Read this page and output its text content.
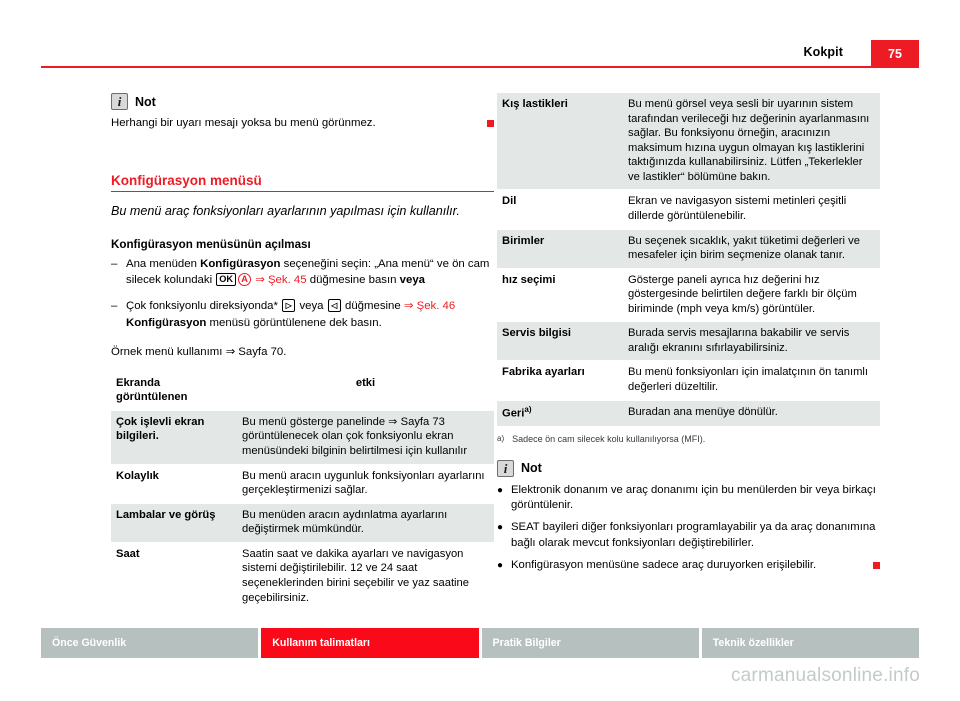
Kokpit	75
i	Not
Herhangi bir uyarı mesajı yoksa bu menü görünmez.
Konfigürasyon menüsü
Bu menü araç fonksiyonları ayarlarının yapılması için kullanılır.
Konfigürasyon menüsünün açılması
– Ana menüden Konfigürasyon seçeneğini seçin: „Ana menü“ ve ön cam silecek kolundaki OK A ⇒ Şek. 45 düğmesine basın veya
– Çok fonksiyonlu direksiyonda* ▷ veya ◁ düğmesine ⇒ Şek. 46 Konfigürasyon menüsü görüntülenene dek basın.
Örnek menü kullanımı ⇒ Sayfa 70.
Ekranda görüntülenen	etki
Çok işlevli ekran bilgileri.	Bu menü gösterge panelinde ⇒ Sayfa 73 görüntülenecek olan çok fonksiyonlu ekran menüsündeki bilginin belirtilmesi için kullanılır
Kolaylık	Bu menü aracın uygunluk fonksiyonları ayarlarını gerçekleştirmenizi sağlar.
Lambalar ve görüş	Bu menüden aracın aydınlatma ayarlarını değiştirmek mümkündür.
Saat	Saatin saat ve dakika ayarları ve navigasyon sistemi değiştirilebilir. 12 ve 24 saat seçeneklerinden birini seçebilir ve yaz saatine geçebilirsiniz.
Kış lastikleri	Bu menü görsel veya sesli bir uyarının sistem tarafından verileceği hız değerinin ayarlanmasını sağlar. Bu fonksiyonu örneğin, aracınızın maksimum hızına uygun olmayan kış lastiklerini taktığınızda kullanabilirsiniz. Lütfen „Tekerlekler ve lastikler“ bölümüne bakın.
Dil	Ekran ve navigasyon sistemi metinleri çeşitli dillerde görüntülenebilir.
Birimler	Bu seçenek sıcaklık, yakıt tüketimi değerleri ve mesafeler için birim seçmenize olanak tanır.
hız seçimi	Gösterge paneli ayrıca hız değerini hız göstergesinde belirtilen değere farklı bir ölçüm biriminde (mph veya km/s) görüntüler.
Servis bilgisi	Burada servis mesajlarına bakabilir ve servis aralığı ekranını sıfırlayabilirsiniz.
Fabrika ayarları	Bu menü fonksiyonları için imalatçının ön tanımlı değerleri düzeltilir.
Geri$^{a)}$	Buradan ana menüye dönülür.
a) Sadece ön cam silecek kolu kullanılıyorsa (MFI).
i	Not
● Elektronik donanım ve araç donanımı için bu menülerden bir veya birkaçı görüntülenir.
● SEAT bayileri diğer fonksiyonları programlayabilir ya da araç donanımına bağlı olarak mevcut fonksiyonları değiştirebilirler.
● Konfigürasyon menüsüne sadece araç duruyorken erişilebilir.
Önce Güvenlik	Kullanım talimatları	Pratik Bilgiler	Teknik özellikler
carmanualsonline.info
